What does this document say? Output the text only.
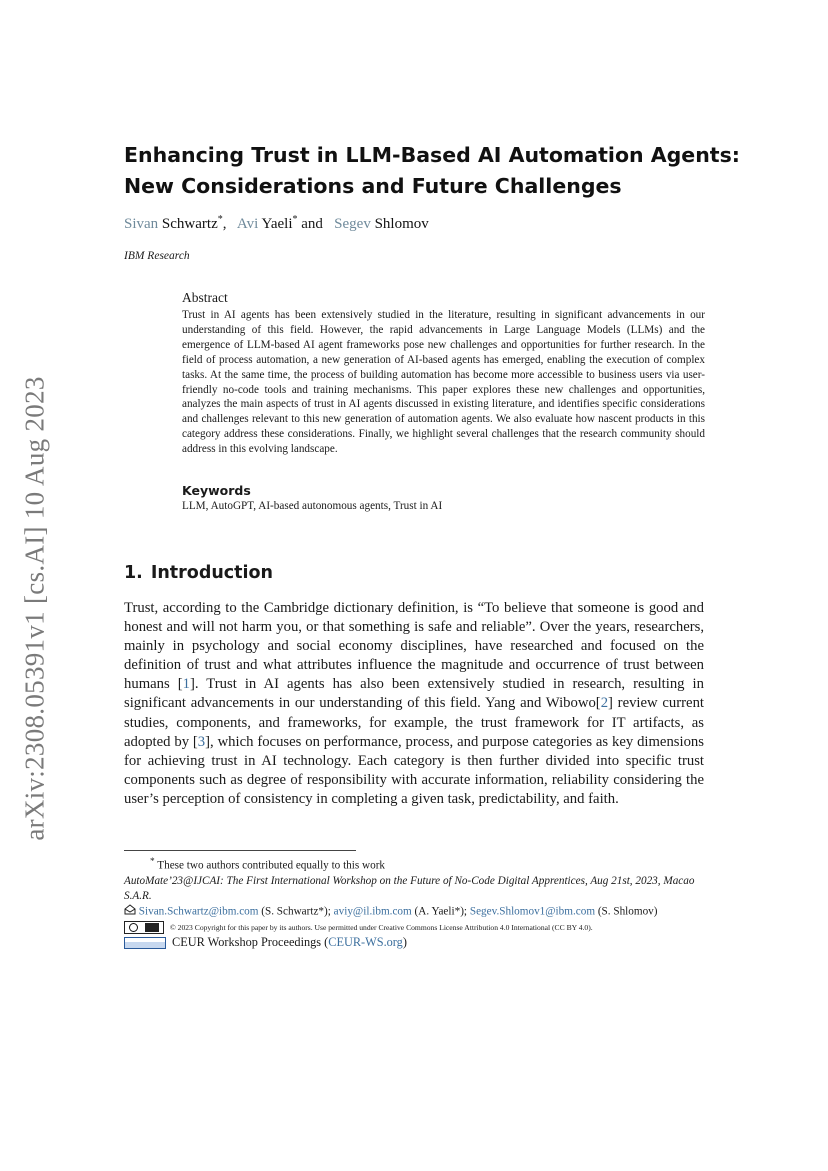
arXiv:2308.05391v1 [cs.AI] 10 Aug 2023
Enhancing Trust in LLM-Based AI Automation Agents:
New Considerations and Future Challenges
Sivan Schwartz*,   Avi Yaeli* and   Segev Shlomov
IBM Research
Abstract
Trust in AI agents has been extensively studied in the literature, resulting in significant advancements in our understanding of this field. However, the rapid advancements in Large Language Models (LLMs) and the emergence of LLM-based AI agent frameworks pose new challenges and opportunities for further research. In the field of process automation, a new generation of AI-based agents has emerged, enabling the execution of complex tasks. At the same time, the process of building automation has become more accessible to business users via user-friendly no-code tools and training mechanisms. This paper explores these new challenges and opportunities, analyzes the main aspects of trust in AI agents discussed in existing literature, and identifies specific considerations and challenges relevant to this new generation of automation agents. We also evaluate how nascent products in this category address these considerations. Finally, we highlight several challenges that the research community should address in this evolving landscape.
Keywords
LLM, AutoGPT, AI-based autonomous agents, Trust in AI
1. Introduction
Trust, according to the Cambridge dictionary definition, is “To believe that someone is good and honest and will not harm you, or that something is safe and reliable”. Over the years, researchers, mainly in psychology and social economy disciplines, have researched and focused on the definition of trust and what attributes influence the magnitude and occurrence of trust between humans [1]. Trust in AI agents has also been extensively studied in research, resulting in significant advancements in our understanding of this field. Yang and Wibowo[2] review current studies, components, and frameworks, for example, the trust framework for IT artifacts, as adopted by [3], which focuses on performance, process, and purpose categories as key dimensions for achieving trust in AI technology. Each category is then further divided into specific trust components such as degree of responsibility with accurate information, reliability considering the user’s perception of consistency in completing a given task, predictability, and faith.
* These two authors contributed equally to this work
AutoMate’23@IJCAI: The First International Workshop on the Future of No-Code Digital Apprentices, Aug 21st, 2023, Macao S.A.R.
Sivan.Schwartz@ibm.com (S. Schwartz*); aviy@il.ibm.com (A. Yaeli*); Segev.Shlomov1@ibm.com (S. Shlomov)
© 2023 Copyright for this paper by its authors. Use permitted under Creative Commons License Attribution 4.0 International (CC BY 4.0).
CEUR Workshop Proceedings (CEUR-WS.org)
